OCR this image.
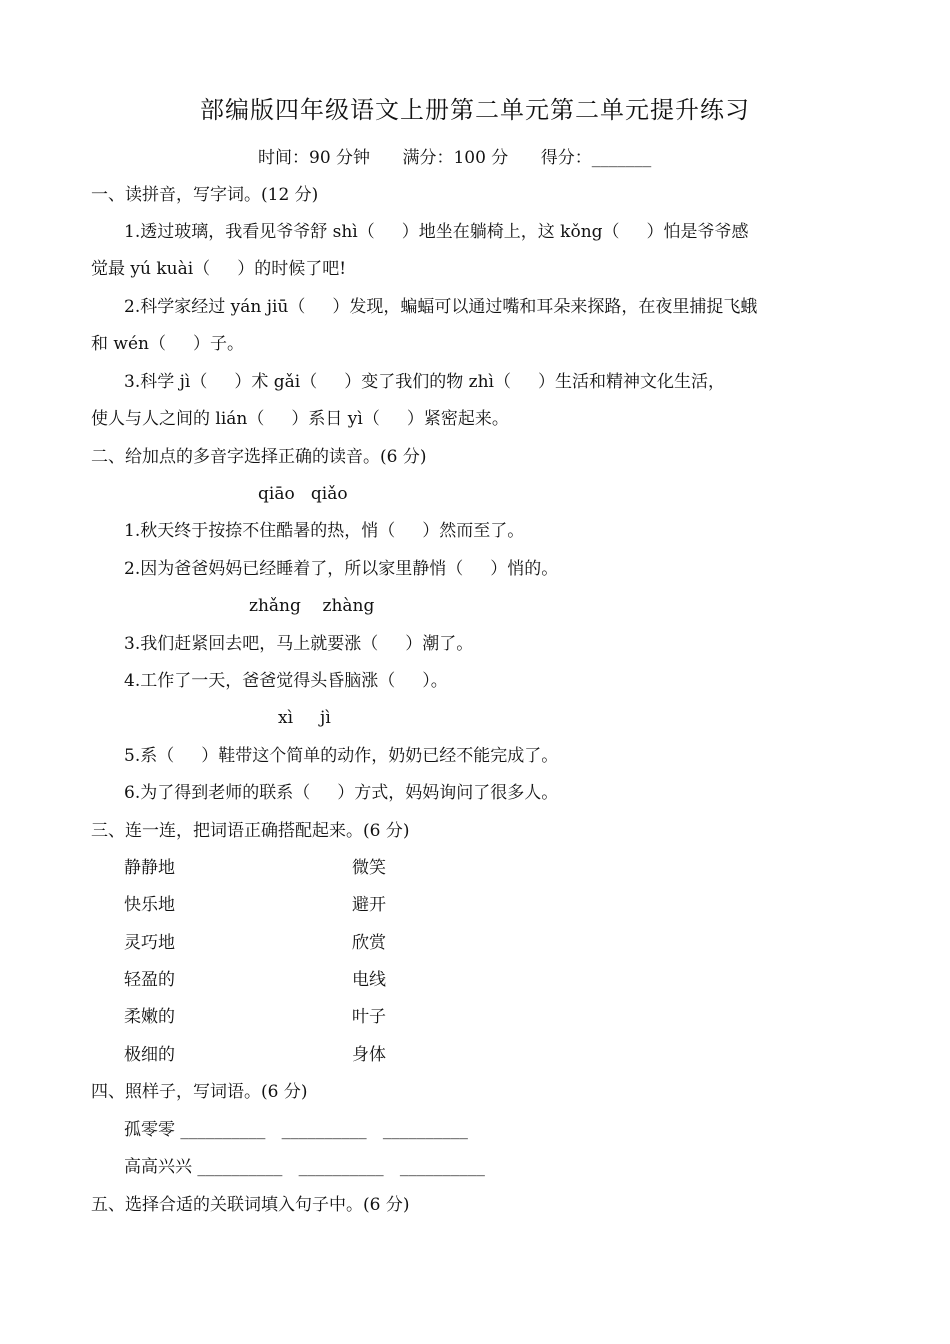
部编版四年级语文上册第二单元第二单元提升练习
时间：90 分钟      满分：100 分      得分：_______
一、读拼音，写字词。(12 分)
1.透过玻璃，我看见爷爷舒 shì（     ）地坐在躺椅上，这 kǒng（     ）怕是爷爷感
觉最 yú kuài（     ）的时候了吧!
2.科学家经过 yán jiū（     ）发现，蝙蝠可以通过嘴和耳朵来探路，在夜里捕捉飞蛾
和 wén（     ）子。
3.科学 jì（     ）术 gǎi（     ）变了我们的物 zhì（     ）生活和精神文化生活，
使人与人之间的 lián（     ）系日 yì（     ）紧密起来。
二、给加点的多音字选择正确的读音。(6 分)
qiāo   qiǎo
1.秋天终于按捺不住酷暑的热，悄（     ）然而至了。
2.因为爸爸妈妈已经睡着了，所以家里静悄（     ）悄的。
zhǎng    zhàng
3.我们赶紧回去吧，马上就要涨（     ）潮了。
4.工作了一天，爸爸觉得头昏脑涨（     ）。
xì     jì
5.系（     ）鞋带这个简单的动作，奶奶已经不能完成了。
6.为了得到老师的联系（     ）方式，妈妈询问了很多人。
三、连一连，把词语正确搭配起来。(6 分)
静静地	微笑
快乐地	避开
灵巧地	欣赏
轻盈的	电线
柔嫩的	叶子
极细的	身体
四、照样子，写词语。(6 分)
孤零零 __________   __________   __________
高高兴兴 __________   __________   __________
五、选择合适的关联词填入句子中。(6 分)
